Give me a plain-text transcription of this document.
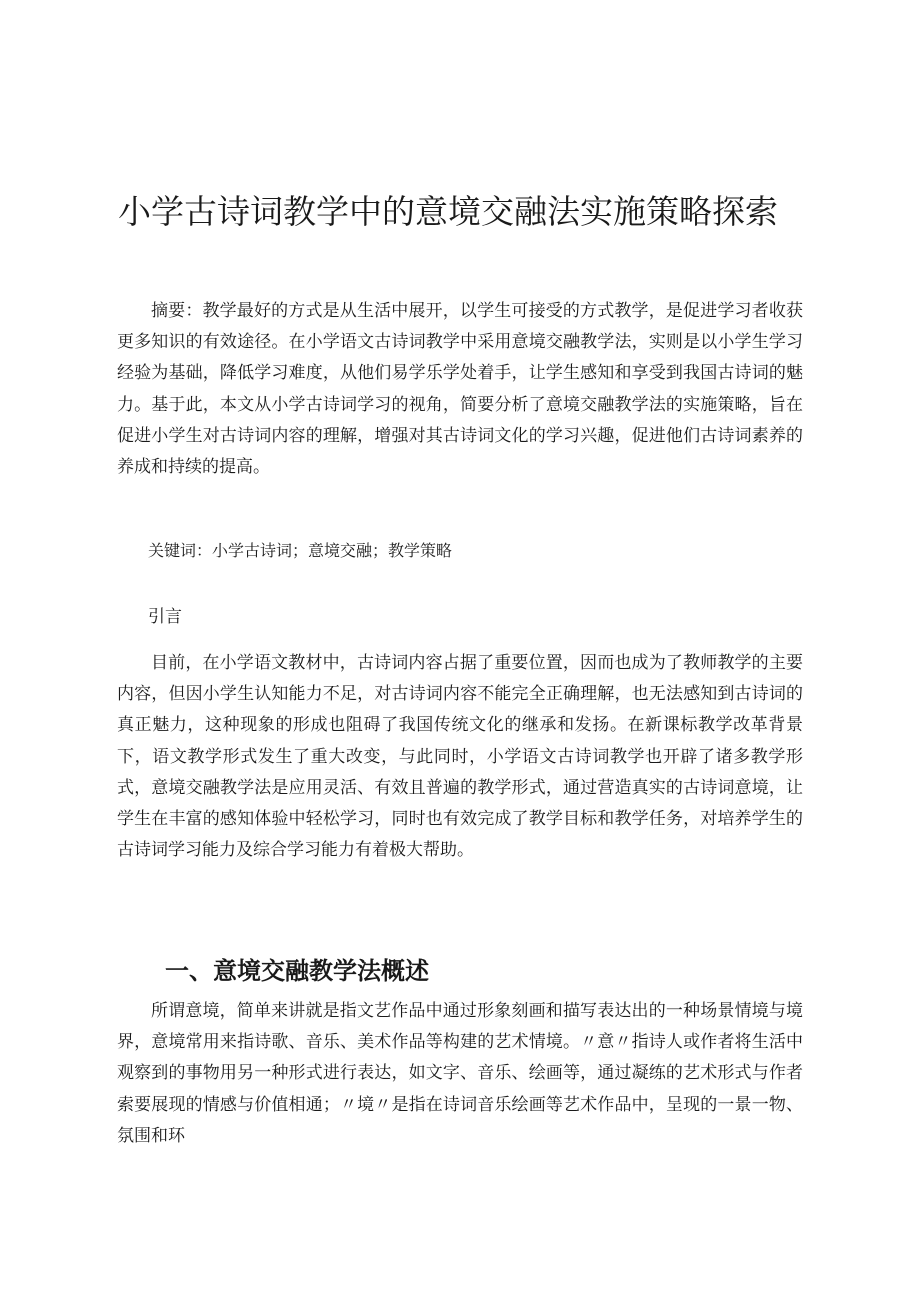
小学古诗词教学中的意境交融法实施策略探索

摘要：教学最好的方式是从生活中展开，以学生可接受的方式教学，是促进学习者收获更多知识的有效途径。在小学语文古诗词教学中采用意境交融教学法，实则是以小学生学习经验为基础，降低学习难度，从他们易学乐学处着手，让学生感知和享受到我国古诗词的魅力。基于此，本文从小学古诗词学习的视角，简要分析了意境交融教学法的实施策略，旨在促进小学生对古诗词内容的理解，增强对其古诗词文化的学习兴趣，促进他们古诗词素养的养成和持续的提高。

关键词：小学古诗词；意境交融；教学策略
引言

目前，在小学语文教材中，古诗词内容占据了重要位置，因而也成为了教师教学的主要内容，但因小学生认知能力不足，对古诗词内容不能完全正确理解，也无法感知到古诗词的真正魅力，这种现象的形成也阻碍了我国传统文化的继承和发扬。在新课标教学改革背景下，语文教学形式发生了重大改变，与此同时，小学语文古诗词教学也开辟了诸多教学形式，意境交融教学法是应用灵活、有效且普遍的教学形式，通过营造真实的古诗词意境，让学生在丰富的感知体验中轻松学习，同时也有效完成了教学目标和教学任务，对培养学生的古诗词学习能力及综合学习能力有着极大帮助。

一、意境交融教学法概述

所谓意境，简单来讲就是指文艺作品中通过形象刻画和描写表达出的一种场景情境与境界，意境常用来指诗歌、音乐、美术作品等构建的艺术情境。〃意〃指诗人或作者将生活中观察到的事物用另一种形式进行表达，如文字、音乐、绘画等，通过凝练的艺术形式与作者索要展现的情感与价值相通；〃境〃是指在诗词音乐绘画等艺术作品中，呈现的一景一物、氛围和环
